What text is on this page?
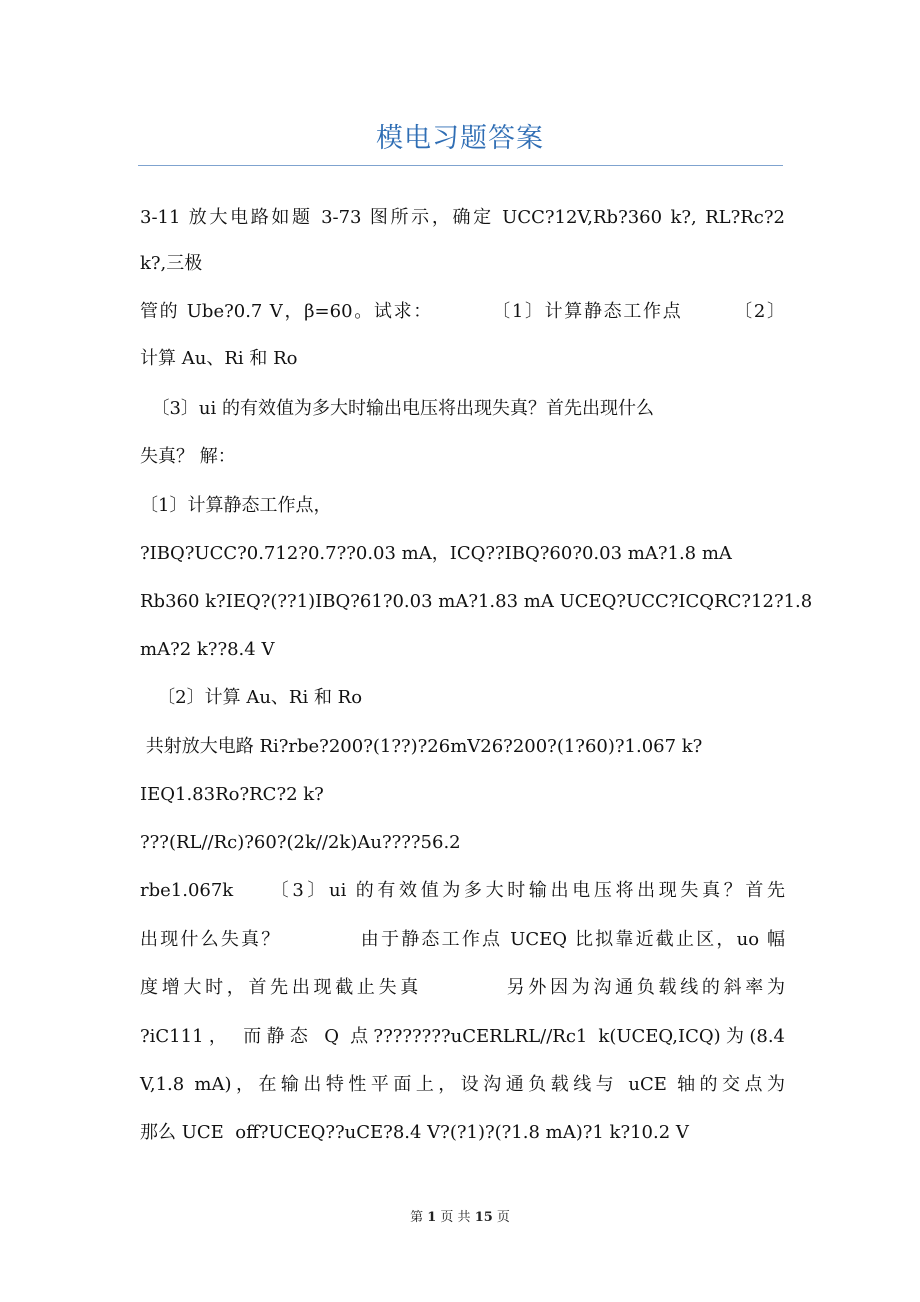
模电习题答案
3-11 放大电路如题 3-73 图所示，确定 UCC?12V,Rb?360 k?, RL?Rc?2
k?,三极
管的 Ube?0.7 V，β=60。试求：        〔1〕计算静态工作点       〔2〕
计算 Au、Ri 和 Ro
〔3〕ui 的有效值为多大时输出电压将出现失真？首先出现什么
失真？ 解：
〔1〕计算静态工作点，
?IBQ?UCC?0.712?0.7??0.03 mA，ICQ??IBQ?60?0.03 mA?1.8 mA
Rb360 k?IEQ?(??1)IBQ?61?0.03 mA?1.83 mA UCEQ?UCC?ICQRC?12?1.8
mA?2 k??8.4 V
〔2〕计算 Au、Ri 和 Ro
共射放大电路 Ri?rbe?200?(1??)?26mV26?200?(1?60)?1.067 k?
IEQ1.83Ro?RC?2 k?
???(RL//Rc)?60?(2k//2k)Au????56.2
rbe1.067k    〔3〕ui 的有效值为多大时输出电压将出现失真？首先
出现什么失真？          由于静态工作点 UCEQ 比拟靠近截止区，uo 幅
度增大时，首先出现截止失真         另外因为沟通负载线的斜率为
?iC111， 而静态 Q 点????????uCERLRL//Rc1 k(UCEQ,ICQ)为(8.4
V,1.8 mA)，在输出特性平面上，设沟通负载线与 uCE 轴的交点为
那么 UCE  off?UCEQ??uCE?8.4 V?(?1)?(?1.8 mA)?1 k?10.2 V
第 1 页 共 15 页
